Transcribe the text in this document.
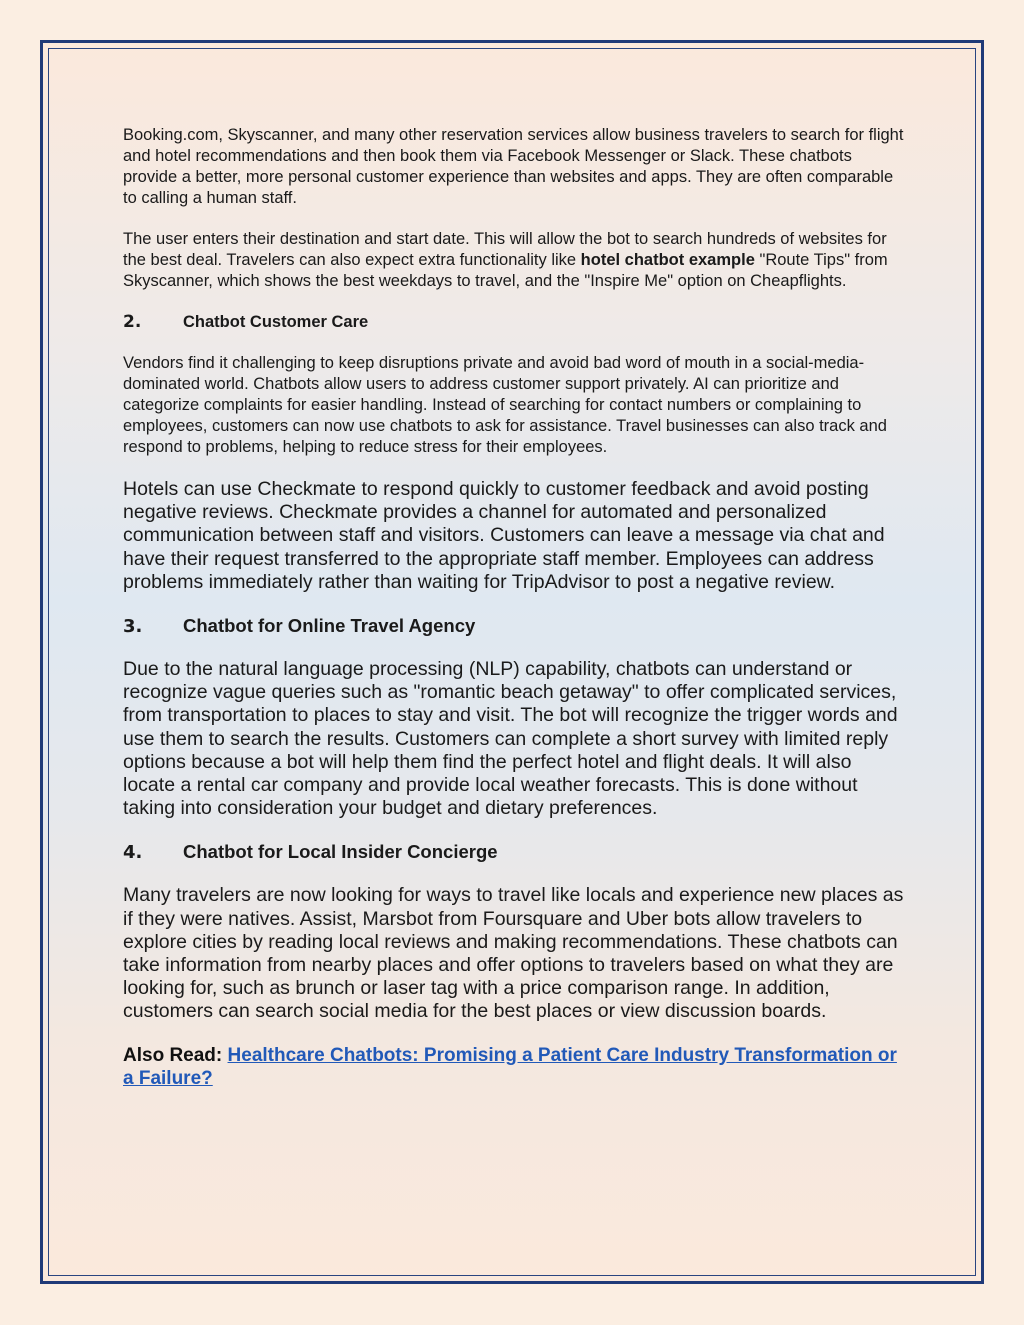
Booking.com, Skyscanner, and many other reservation services allow business travelers to search for flight and hotel recommendations and then book them via Facebook Messenger or Slack. These chatbots provide a better, more personal customer experience than websites and apps. They are often comparable to calling a human staff.

The user enters their destination and start date. This will allow the bot to search hundreds of websites for the best deal. Travelers can also expect extra functionality like hotel chatbot example "Route Tips" from Skyscanner, which shows the best weekdays to travel, and the "Inspire Me" option on Cheapflights.

2.	Chatbot Customer Care

Vendors find it challenging to keep disruptions private and avoid bad word of mouth in a social-media-dominated world. Chatbots allow users to address customer support privately. AI can prioritize and categorize complaints for easier handling. Instead of searching for contact numbers or complaining to employees, customers can now use chatbots to ask for assistance. Travel businesses can also track and respond to problems, helping to reduce stress for their employees.

Hotels can use Checkmate to respond quickly to customer feedback and avoid posting negative reviews. Checkmate provides a channel for automated and personalized communication between staff and visitors. Customers can leave a message via chat and have their request transferred to the appropriate staff member. Employees can address problems immediately rather than waiting for TripAdvisor to post a negative review.

3.	Chatbot for Online Travel Agency

Due to the natural language processing (NLP) capability, chatbots can understand or recognize vague queries such as "romantic beach getaway" to offer complicated services, from transportation to places to stay and visit. The bot will recognize the trigger words and use them to search the results. Customers can complete a short survey with limited reply options because a bot will help them find the perfect hotel and flight deals. It will also locate a rental car company and provide local weather forecasts. This is done without taking into consideration your budget and dietary preferences.

4.	Chatbot for Local Insider Concierge

Many travelers are now looking for ways to travel like locals and experience new places as if they were natives. Assist, Marsbot from Foursquare and Uber bots allow travelers to explore cities by reading local reviews and making recommendations. These chatbots can take information from nearby places and offer options to travelers based on what they are looking for, such as brunch or laser tag with a price comparison range. In addition, customers can search social media for the best places or view discussion boards.

Also Read: Healthcare Chatbots: Promising a Patient Care Industry Transformation or a Failure?
